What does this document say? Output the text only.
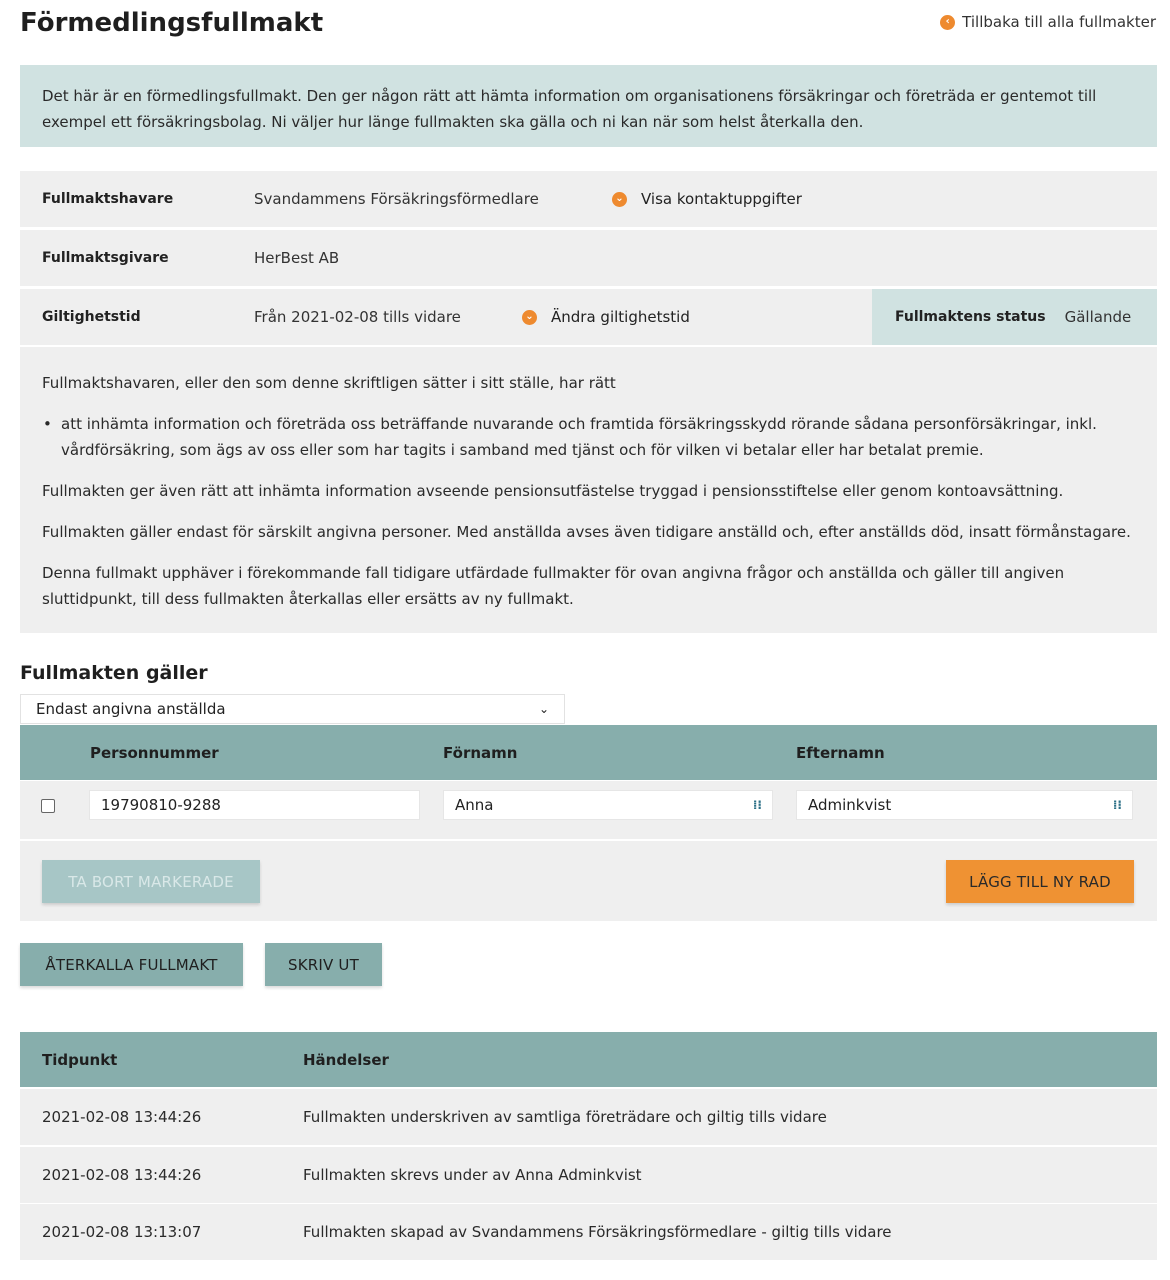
Förmedlingsfullmakt	‹ Tillbaka till alla fullmakter
Det här är en förmedlingsfullmakt. Den ger någon rätt att hämta information om organisationens försäkringar och företräda er gentemot till exempel ett försäkringsbolag. Ni väljer hur länge fullmakten ska gälla och ni kan när som helst återkalla den.
Fullmaktshavare	Svandammens Försäkringsförmedlare	⌄ Visa kontaktuppgifter
Fullmaktsgivare	HerBest AB
Giltighetstid	Från 2021-02-08 tills vidare	⌄ Ändra giltighetstid	Fullmaktens status Gällande

Fullmaktshavaren, eller den som denne skriftligen sätter i sitt ställe, har rätt

• att inhämta information och företräda oss beträffande nuvarande och framtida försäkringsskydd rörande sådana personförsäkringar, inkl. vårdförsäkring, som ägs av oss eller som har tagits i samband med tjänst och för vilken vi betalar eller har betalat premie.

Fullmakten ger även rätt att inhämta information avseende pensionsutfästelse tryggad i pensionsstiftelse eller genom kontoavsättning.

Fullmakten gäller endast för särskilt angivna personer. Med anställda avses även tidigare anställd och, efter anställds död, insatt förmånstagare.

Denna fullmakt upphäver i förekommande fall tidigare utfärdade fullmakter för ovan angivna frågor och anställda och gäller till angiven sluttidpunkt, till dess fullmakten återkallas eller ersätts av ny fullmakt.

Fullmakten gäller
Endast angivna anställda	⌄
Personnummer	Förnamn	Efternamn
19790810-9288	Anna	⁞⁝	Adminkvist	⁞⁝
TA BORT MARKERADE	LÄGG TILL NY RAD
ÅTERKALLA FULLMAKT	SKRIV UT
Tidpunkt	Händelser
2021-02-08 13:44:26	Fullmakten underskriven av samtliga företrädare och giltig tills vidare
2021-02-08 13:44:26	Fullmakten skrevs under av Anna Adminkvist
2021-02-08 13:13:07	Fullmakten skapad av Svandammens Försäkringsförmedlare - giltig tills vidare
